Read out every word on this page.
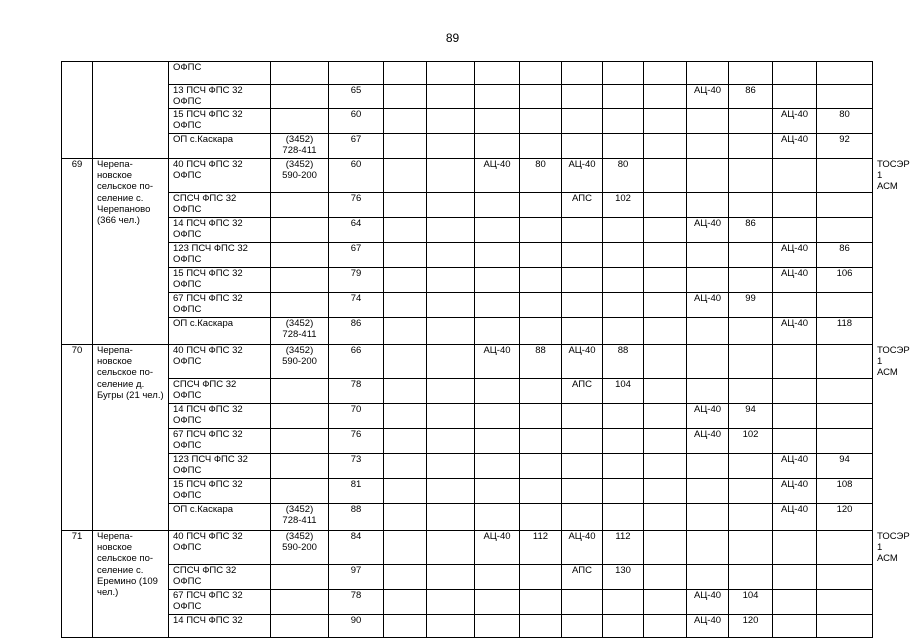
89
		ОФПС														
		13 ПСЧ ФПС 32 ОФПС		65								АЦ-40	86			
		15 ПСЧ ФПС 32 ОФПС		60										АЦ-40	80	
		ОП с.Каскара	(3452) 728-411	67										АЦ-40	92	
69	Черепа-новское сельское по-селение с. Черепаново (366 чел.)	40 ПСЧ ФПС 32 ОФПС	(3452) 590-200	60			АЦ-40	80	АЦ-40	80						ТОСЭР 1 АСМ
		СПСЧ ФПС 32 ОФПС		76					АПС	102						
		14 ПСЧ ФПС 32 ОФПС		64								АЦ-40	86			
		123 ПСЧ ФПС 32 ОФПС		67										АЦ-40	86	
		15 ПСЧ ФПС 32 ОФПС		79										АЦ-40	106	
		67 ПСЧ ФПС 32 ОФПС		74								АЦ-40	99			
		ОП с.Каскара	(3452) 728-411	86										АЦ-40	118	
70	Черепа-новское сельское по-селение д. Бугры (21 чел.)	40 ПСЧ ФПС 32 ОФПС	(3452) 590-200	66			АЦ-40	88	АЦ-40	88						ТОСЭР 1 АСМ
		СПСЧ ФПС 32 ОФПС		78					АПС	104						
		14 ПСЧ ФПС 32 ОФПС		70								АЦ-40	94			
		67 ПСЧ ФПС 32 ОФПС		76								АЦ-40	102			
		123 ПСЧ ФПС 32 ОФПС		73										АЦ-40	94	
		15 ПСЧ ФПС 32 ОФПС		81										АЦ-40	108	
		ОП с.Каскара	(3452) 728-411	88										АЦ-40	120	
71	Черепа-новское сельское по-селение с. Еремино (109 чел.)	40 ПСЧ ФПС 32 ОФПС	(3452) 590-200	84			АЦ-40	112	АЦ-40	112						ТОСЭР 1 АСМ
		СПСЧ ФПС 32 ОФПС		97					АПС	130						
		67 ПСЧ ФПС 32 ОФПС		78								АЦ-40	104			
		14 ПСЧ ФПС 32		90								АЦ-40	120			
